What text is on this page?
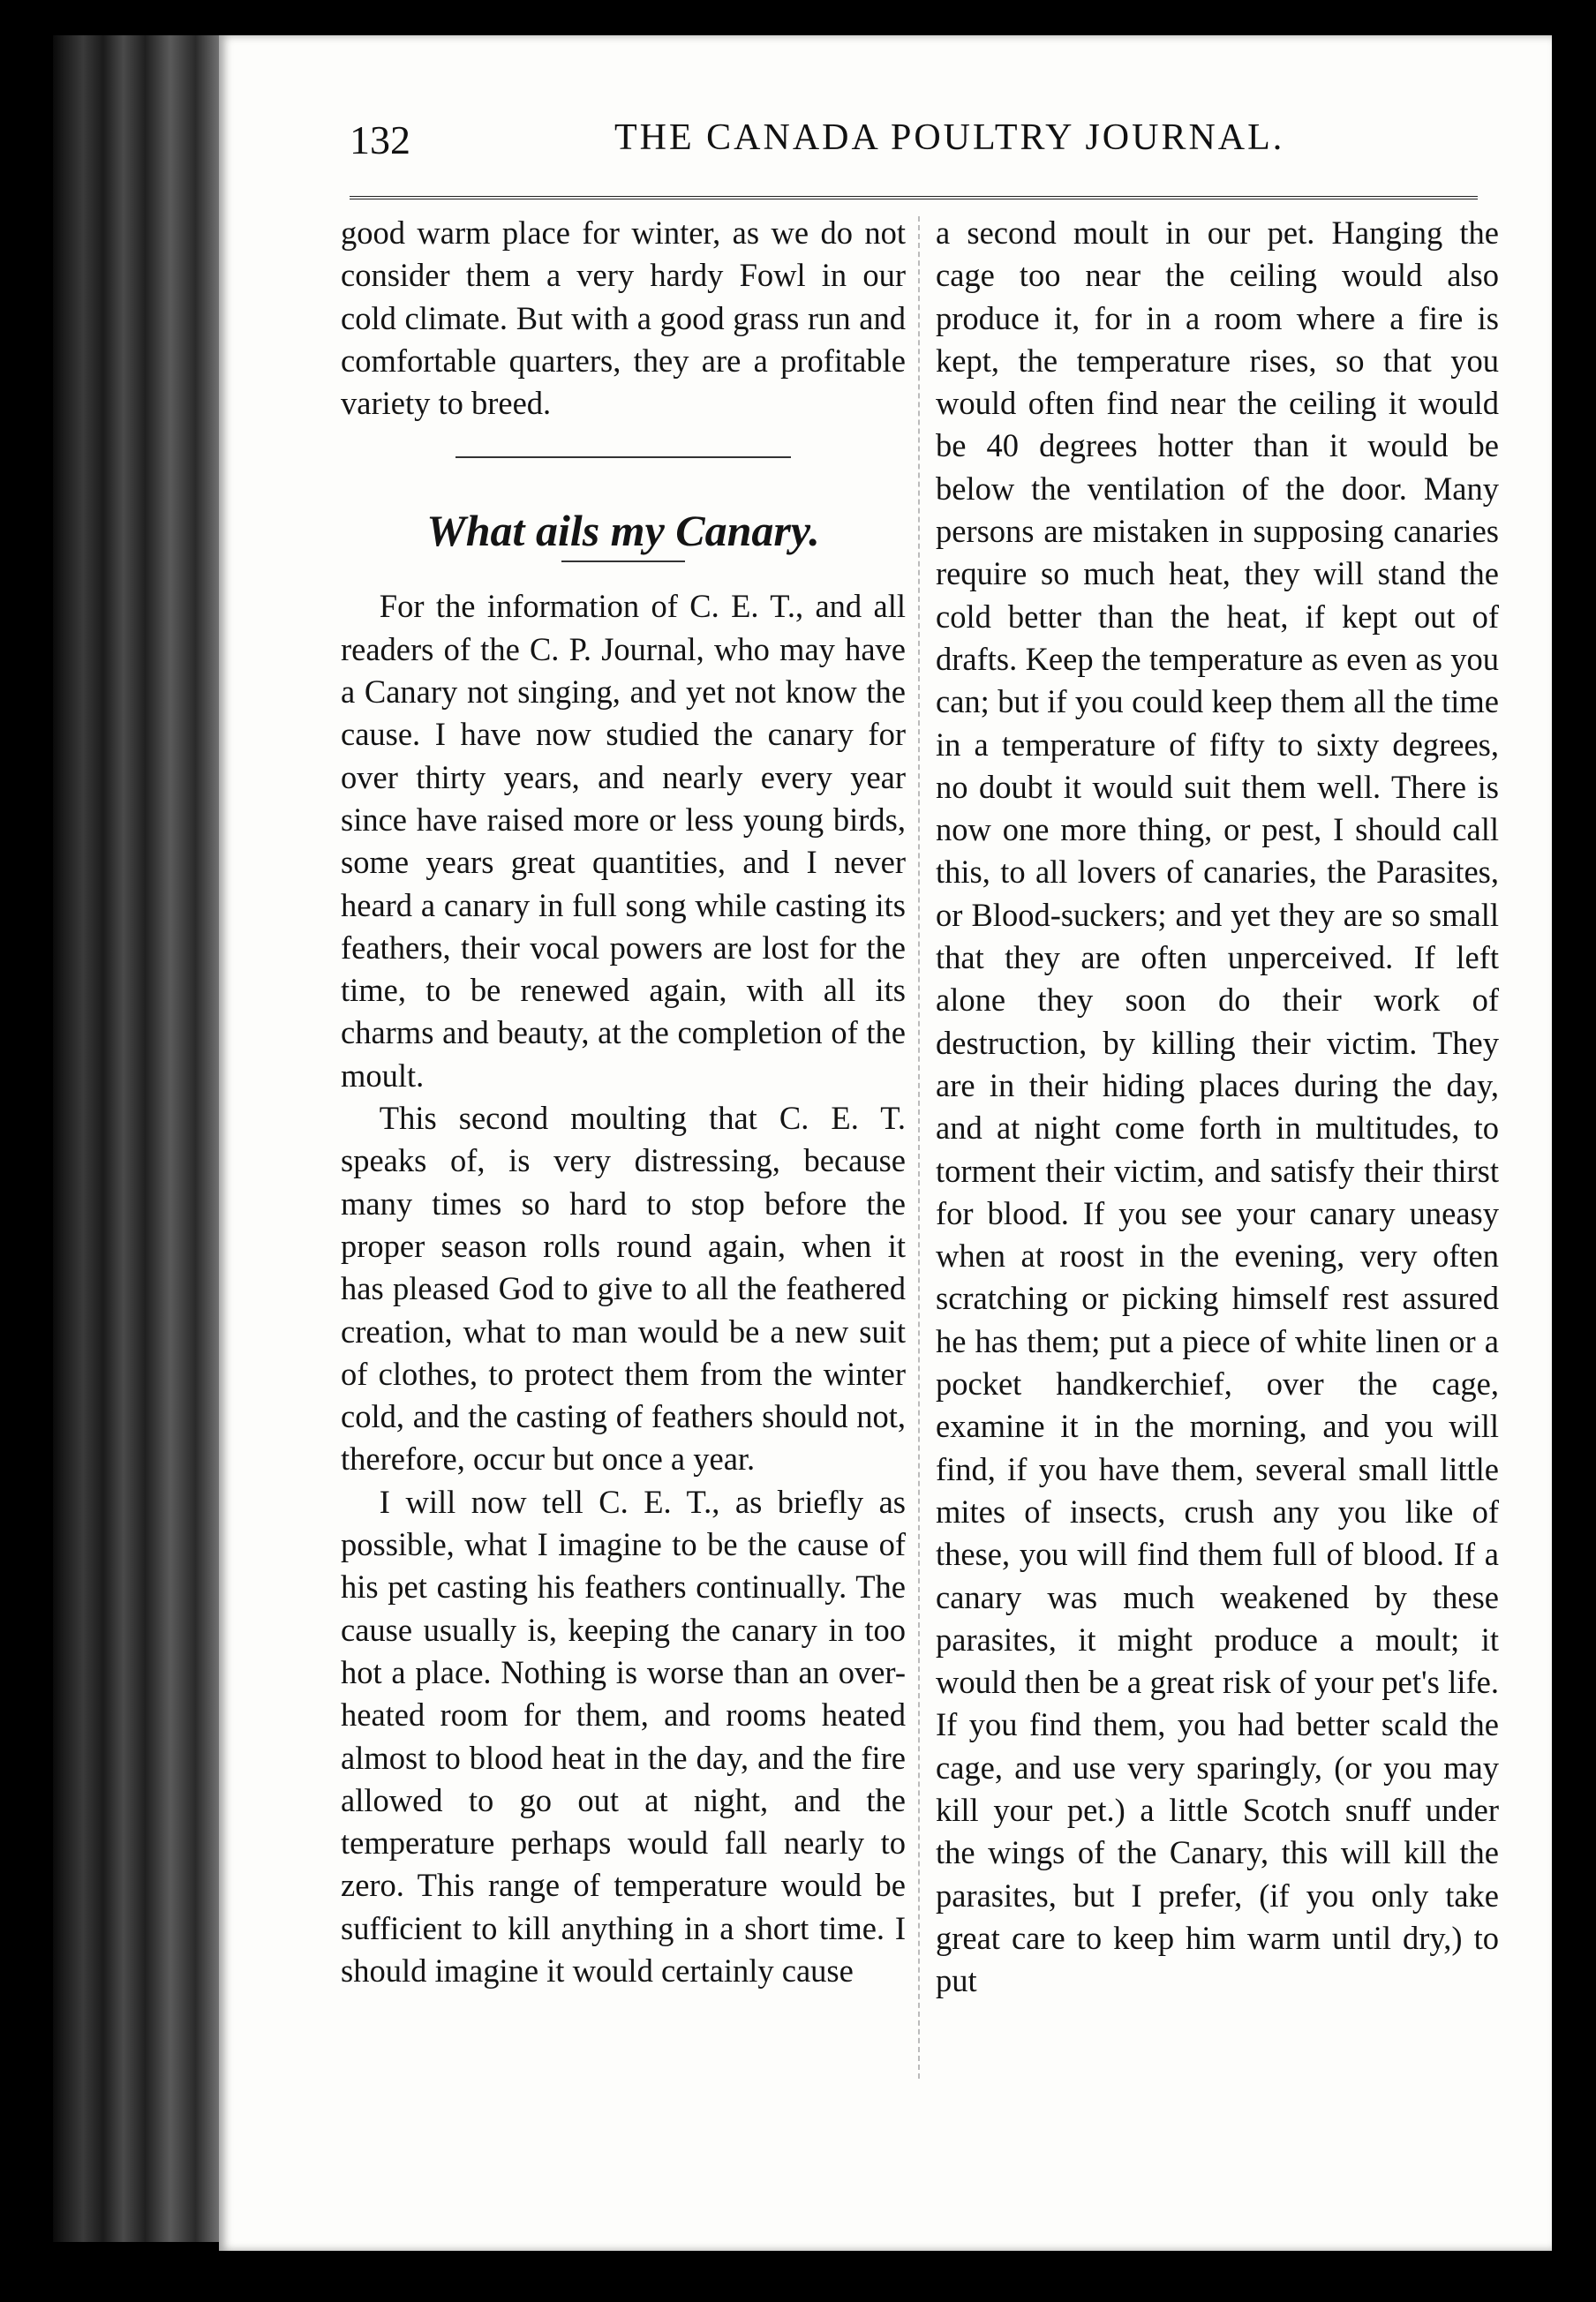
132	THE CANADA POULTRY JOURNAL.

good warm place for winter, as we do not consider them a very hardy Fowl in our cold climate. But with a good grass run and comfortable quarters, they are a profitable variety to breed.

What ails my Canary.

For the information of C. E. T., and all readers of the C. P. Journal, who may have a Canary not singing, and yet not know the cause. I have now studied the canary for over thirty years, and nearly every year since have raised more or less young birds, some years great quantities, and I never heard a canary in full song while casting its feathers, their vocal powers are lost for the time, to be renewed again, with all its charms and beauty, at the completion of the moult.

This second moulting that C. E. T. speaks of, is very distressing, because many times so hard to stop before the proper season rolls round again, when it has pleased God to give to all the feathered creation, what to man would be a new suit of clothes, to protect them from the winter cold, and the casting of feathers should not, therefore, occur but once a year.

I will now tell C. E. T., as briefly as possible, what I imagine to be the cause of his pet casting his feathers continually. The cause usually is, keeping the canary in too hot a place. Nothing is worse than an over-heated room for them, and rooms heated almost to blood heat in the day, and the fire allowed to go out at night, and the temperature perhaps would fall nearly to zero. This range of temperature would be sufficient to kill anything in a short time. I should imagine it would certainly cause

a second moult in our pet. Hanging the cage too near the ceiling would also produce it, for in a room where a fire is kept, the temperature rises, so that you would often find near the ceiling it would be 40 degrees hotter than it would be below the ventilation of the door. Many persons are mistaken in supposing canaries require so much heat, they will stand the cold better than the heat, if kept out of drafts. Keep the temperature as even as you can; but if you could keep them all the time in a temperature of fifty to sixty degrees, no doubt it would suit them well. There is now one more thing, or pest, I should call this, to all lovers of canaries, the Parasites, or Blood-suckers; and yet they are so small that they are often unperceived. If left alone they soon do their work of destruction, by killing their victim. They are in their hiding places during the day, and at night come forth in multitudes, to torment their victim, and satisfy their thirst for blood. If you see your canary uneasy when at roost in the evening, very often scratching or picking himself rest assured he has them; put a piece of white linen or a pocket handkerchief, over the cage, examine it in the morning, and you will find, if you have them, several small little mites of insects, crush any you like of these, you will find them full of blood. If a canary was much weakened by these parasites, it might produce a moult; it would then be a great risk of your pet's life. If you find them, you had better scald the cage, and use very sparingly, (or you may kill your pet.) a little Scotch snuff under the wings of the Canary, this will kill the parasites, but I prefer, (if you only take great care to keep him warm until dry,) to put
